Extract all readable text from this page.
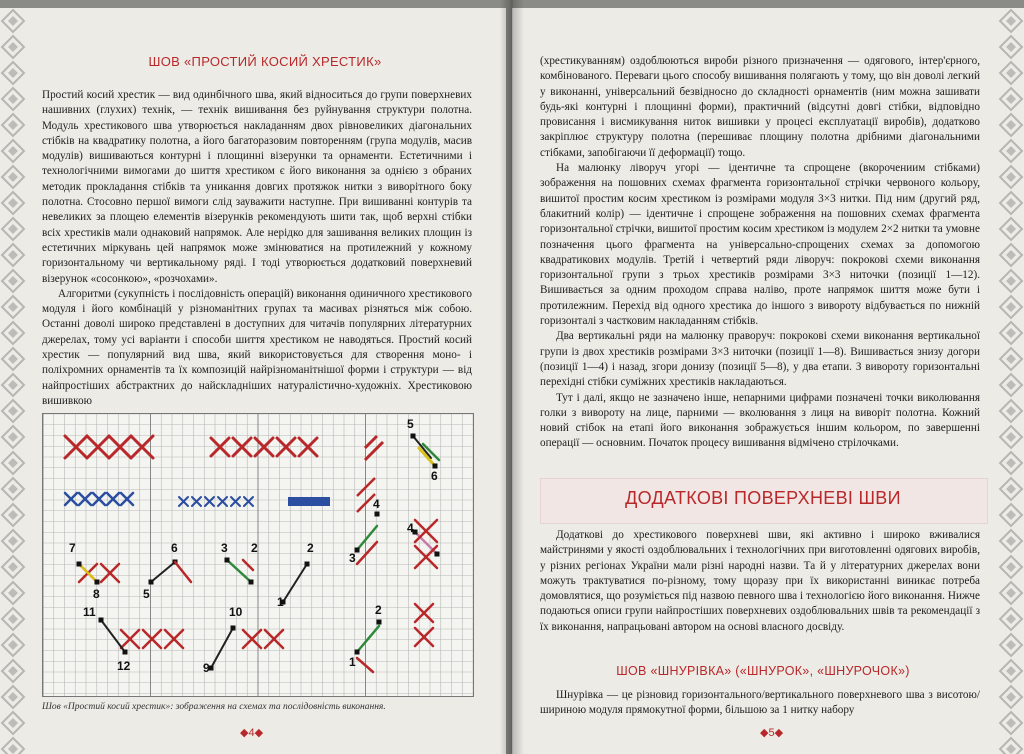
ШОВ «ПРОСТИЙ КОСИЙ ХРЕСТИК»

Простий косий хрестик — вид одинбічного шва, який відноситься до групи поверхневих нашивних (глухих) технік, — технік вишивання без руйнування структури полотна. Модуль хрестикового шва утворюється накладанням двох рівновеликих діагональних стібків на квадратику полотна, а його багаторазовим повторенням (група модулів, масив модулів) вишиваються контурні і площинні візерунки та орнаменти. Естетичними і технологічними вимогами до шиття хрестиком є його виконання за однією з обраних методик прокладання стібків та уникання довгих протяжок нитки з виворітного боку полотна. Стосовно першої вимоги слід зауважити наступне. При вишиванні контурів та невеликих за площею елементів візерунків рекомендують шити так, щоб верхні стібки всіх хрестиків мали однаковий напрямок. Але нерідко для зашивання великих площин із естетичних міркувань цей напрямок може змінюватися на протилежний у кожному горизонтальному чи вертикальному ряді. І тоді утворюється додатковий поверхневий візерунок «сосонкою», «розчохами».

Алгоритми (сукупність і послідовність операцій) виконання одиничного хрестикового модуля і його комбінацій у різноманітних групах та масивах різняться між собою. Останні доволі широко представлені в доступних для читачів популярних літературних джерелах, тому усі варіанти і способи шиття хрестиком не наводяться. Простий косий хрестик — популярний вид шва, який використовується для створення моно- і поліхромних орнаментів та їх композицій найрізноманітнішої форми і структури — від найпростіших абстрактних до найскладніших натуралістично-художніх. Хрестиковою вишивкою

5
6
4
7
8	5
6	3 2
4
2
1
3
11
12
10
9	1
2
Шов «Простий косий хрестик»: зображення на схемах та послідовність виконання.
◆4◆

(хрестикуванням) оздоблюються вироби різного призначення — одягового, інтер'єрного, комбінованого. Переваги цього способу вишивання полягають у тому, що він доволі легкий у виконанні, універсальний безвідносно до складності орнаментів (ним можна зашивати будь-які контурні і площинні форми), практичний (відсутні довгі стібки, відповідно провисання і висмикування ниток вишивки у процесі експлуатації виробів), додатково закріплює структуру полотна (перешиває площину полотна дрібними діагональними стібками, запобігаючи її деформації) тощо.

На малюнку ліворуч угорі — ідентичне та спрощене (вкорочениим стібками) зображення на пошовних схемах фрагмента горизонтальної стрічки червоного кольору, вишитої простим косим хрестиком із розмірами модуля 3×3 нитки. Під ним (другий ряд, блакитний колір) — ідентичне і спрощене зображення на пошовних схемах фрагмента горизонтальної стрічки, вишитої простим косим хрестиком із модулем 2×2 нитки та умовне позначення цього фрагмента на універсально-спрощених схемах за допомогою квадратикових модулів. Третій і четвертий ряди ліворуч: покрокові схеми виконання горизонтальної групи з трьох хрестиків розмірами 3×3 ниточки (позиції 1—12). Вишивається за одним проходом справа наліво, проте напрямок шиття може бути і протилежним. Перехід від одного хрестика до іншого з вивороту відбувається по нижній горизонталі з частковим накладанням стібків.

Два вертикальні ряди на малюнку праворуч: покрокові схеми виконання вертикальної групи із двох хрестиків розмірами 3×3 ниточки (позиції 1—8). Вишивається знизу догори (позиції 1—4) і назад, згори донизу (позиції 5—8), у два етапи. З вивороту горизонтальні перехідні стібки суміжних хрестиків накладаються.

Тут і далі, якщо не зазначено інше, непарними цифрами позначені точки виколювання голки з вивороту на лице, парними — вколювання з лиця на виворіт полотна. Кожний новий стібок на етапі його виконання зображується іншим кольором, по завершенні операції — основним. Початок процесу вишивання відмічено стрілочками.

ДОДАТКОВІ ПОВЕРХНЕВІ ШВИ

Додаткові до хрестикового поверхневі шви, які активно і широко вживалися майстринями у якості оздоблювальних і технологічних при виготовленні одягових виробів, у різних регіонах України мали різні народні назви. Та й у літературних джерелах вони можуть трактуватися по-різному, тому щоразу при їх використанні виникає потреба домовлятися, що розуміється під назвою певного шва і технологією його виконання. Нижче подаються описи групи найпростіших поверхневих оздоблювальних швів та рекомендації з їх виконання, напрацьовані автором на основі власного досвіду.

ШОВ «ШНУРІВКА» («ШНУРОК», «ШНУРОЧОК»)

Шнурівка — це різновид горизонтального/вертикального поверхневого шва з висотою/шириною модуля прямокутної форми, більшою за 1 нитку набору

◆5◆
